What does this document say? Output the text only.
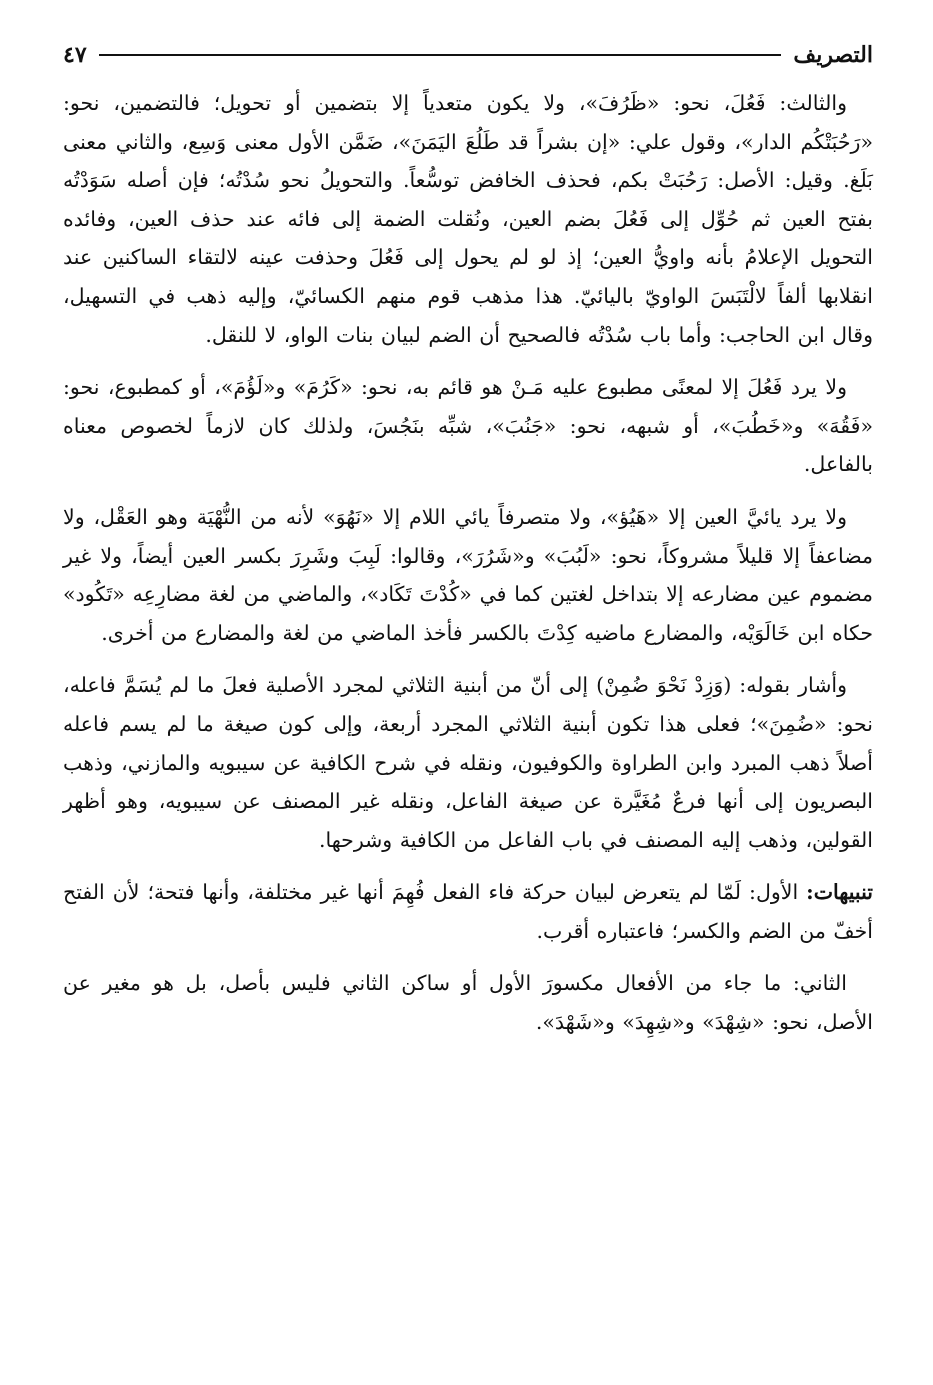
التصريف
٤٧

والثالث: فَعُلَ، نحو: «ظَرُفَ»، ولا يكون متعدياً إلا بتضمين أو تحويل؛ فالتضمين، نحو: «رَحُبَتْكُم الدار»، وقول علي: «إن بشراً قد طَلُعَ اليَمَنَ»، ضَمَّن الأول معنى وَسِع، والثاني معنى بَلَغ. وقيل: الأصل: رَحُبَتْ بكم، فحذف الخافض توسُّعاً. والتحويلُ نحو سُدْتُه؛ فإن أصله سَوَدْتُه بفتح العين ثم حُوِّل إلى فَعُلَ بضم العين، ونُقلت الضمة إلى فائه عند حذف العين، وفائده التحويل الإعلامُ بأنه واويُّ العين؛ إذ لو لم يحول إلى فَعُلَ وحذفت عينه لالتقاء الساكنين عند انقلابها ألفاً لالْتَبَسَ الواويّ باليائيّ. هذا مذهب قوم منهم الكسائيّ، وإليه ذهب في التسهيل، وقال ابن الحاجب: وأما باب سُدْتُه فالصحيح أن الضم لبيان بنات الواو، لا للنقل.

ولا يرد فَعُلَ إلا لمعنًى مطبوع عليه مَـنْ هو قائم به، نحو: «كَرُمَ» و«لَؤُمَ»، أو كمطبوع، نحو: «فَقُهَ» و«خَطُبَ»، أو شبهه، نحو: «جَنُبَ»، شبِّه بنَجُسَ، ولذلك كان لازماً لخصوص معناه بالفاعل.

ولا يرد يائيَّ العين إلا «هَيُؤ»، ولا متصرفاً يائي اللام إلا «نَهُوَ» لأنه من النُّهْيَة وهو العَقْل، ولا مضاعفاً إلا قليلاً مشروكاً، نحو: «لَبُبَ» و«شَرُرَ»، وقالوا: لَبِبَ وشَرِرَ بكسر العين أيضاً، ولا غير مضموم عين مضارعه إلا بتداخل لغتين كما في «كُدْتَ تَكَاد»، والماضي من لغة مضارِعِه «تَكُود» حكاه ابن خَالَوَيْه، والمضارع ماضيه كِدْتَ بالكسر فأخذ الماضي من لغة والمضارع من أخرى.

وأشار بقوله: (وَزِدْ نَحْوَ ضُمِنْ) إلى أنّ من أبنية الثلاثي لمجرد الأصلية فعلَ ما لم يُسَمَّ فاعله، نحو: «ضُمِنَ»؛ فعلى هذا تكون أبنية الثلاثي المجرد أربعة، وإلى كون صيغة ما لم يسم فاعله أصلاً ذهب المبرد وابن الطراوة والكوفيون، ونقله في شرح الكافية عن سيبويه والمازني، وذهب البصريون إلى أنها فرعٌ مُغَيَّرة عن صيغة الفاعل، ونقله غير المصنف عن سيبويه، وهو أظهر القولين، وذهب إليه المصنف في باب الفاعل من الكافية وشرحها.

تنبيهات: الأول: لَمّا لم يتعرض لبيان حركة فاء الفعل فُهِمَ أنها غير مختلفة، وأنها فتحة؛ لأن الفتح أخفّ من الضم والكسر؛ فاعتباره أقرب.

الثاني: ما جاء من الأفعال مكسورَ الأول أو ساكن الثاني فليس بأصل، بل هو مغير عن الأصل، نحو: «شِهْدَ» و«شِهِدَ» و«شَهْدَ».
